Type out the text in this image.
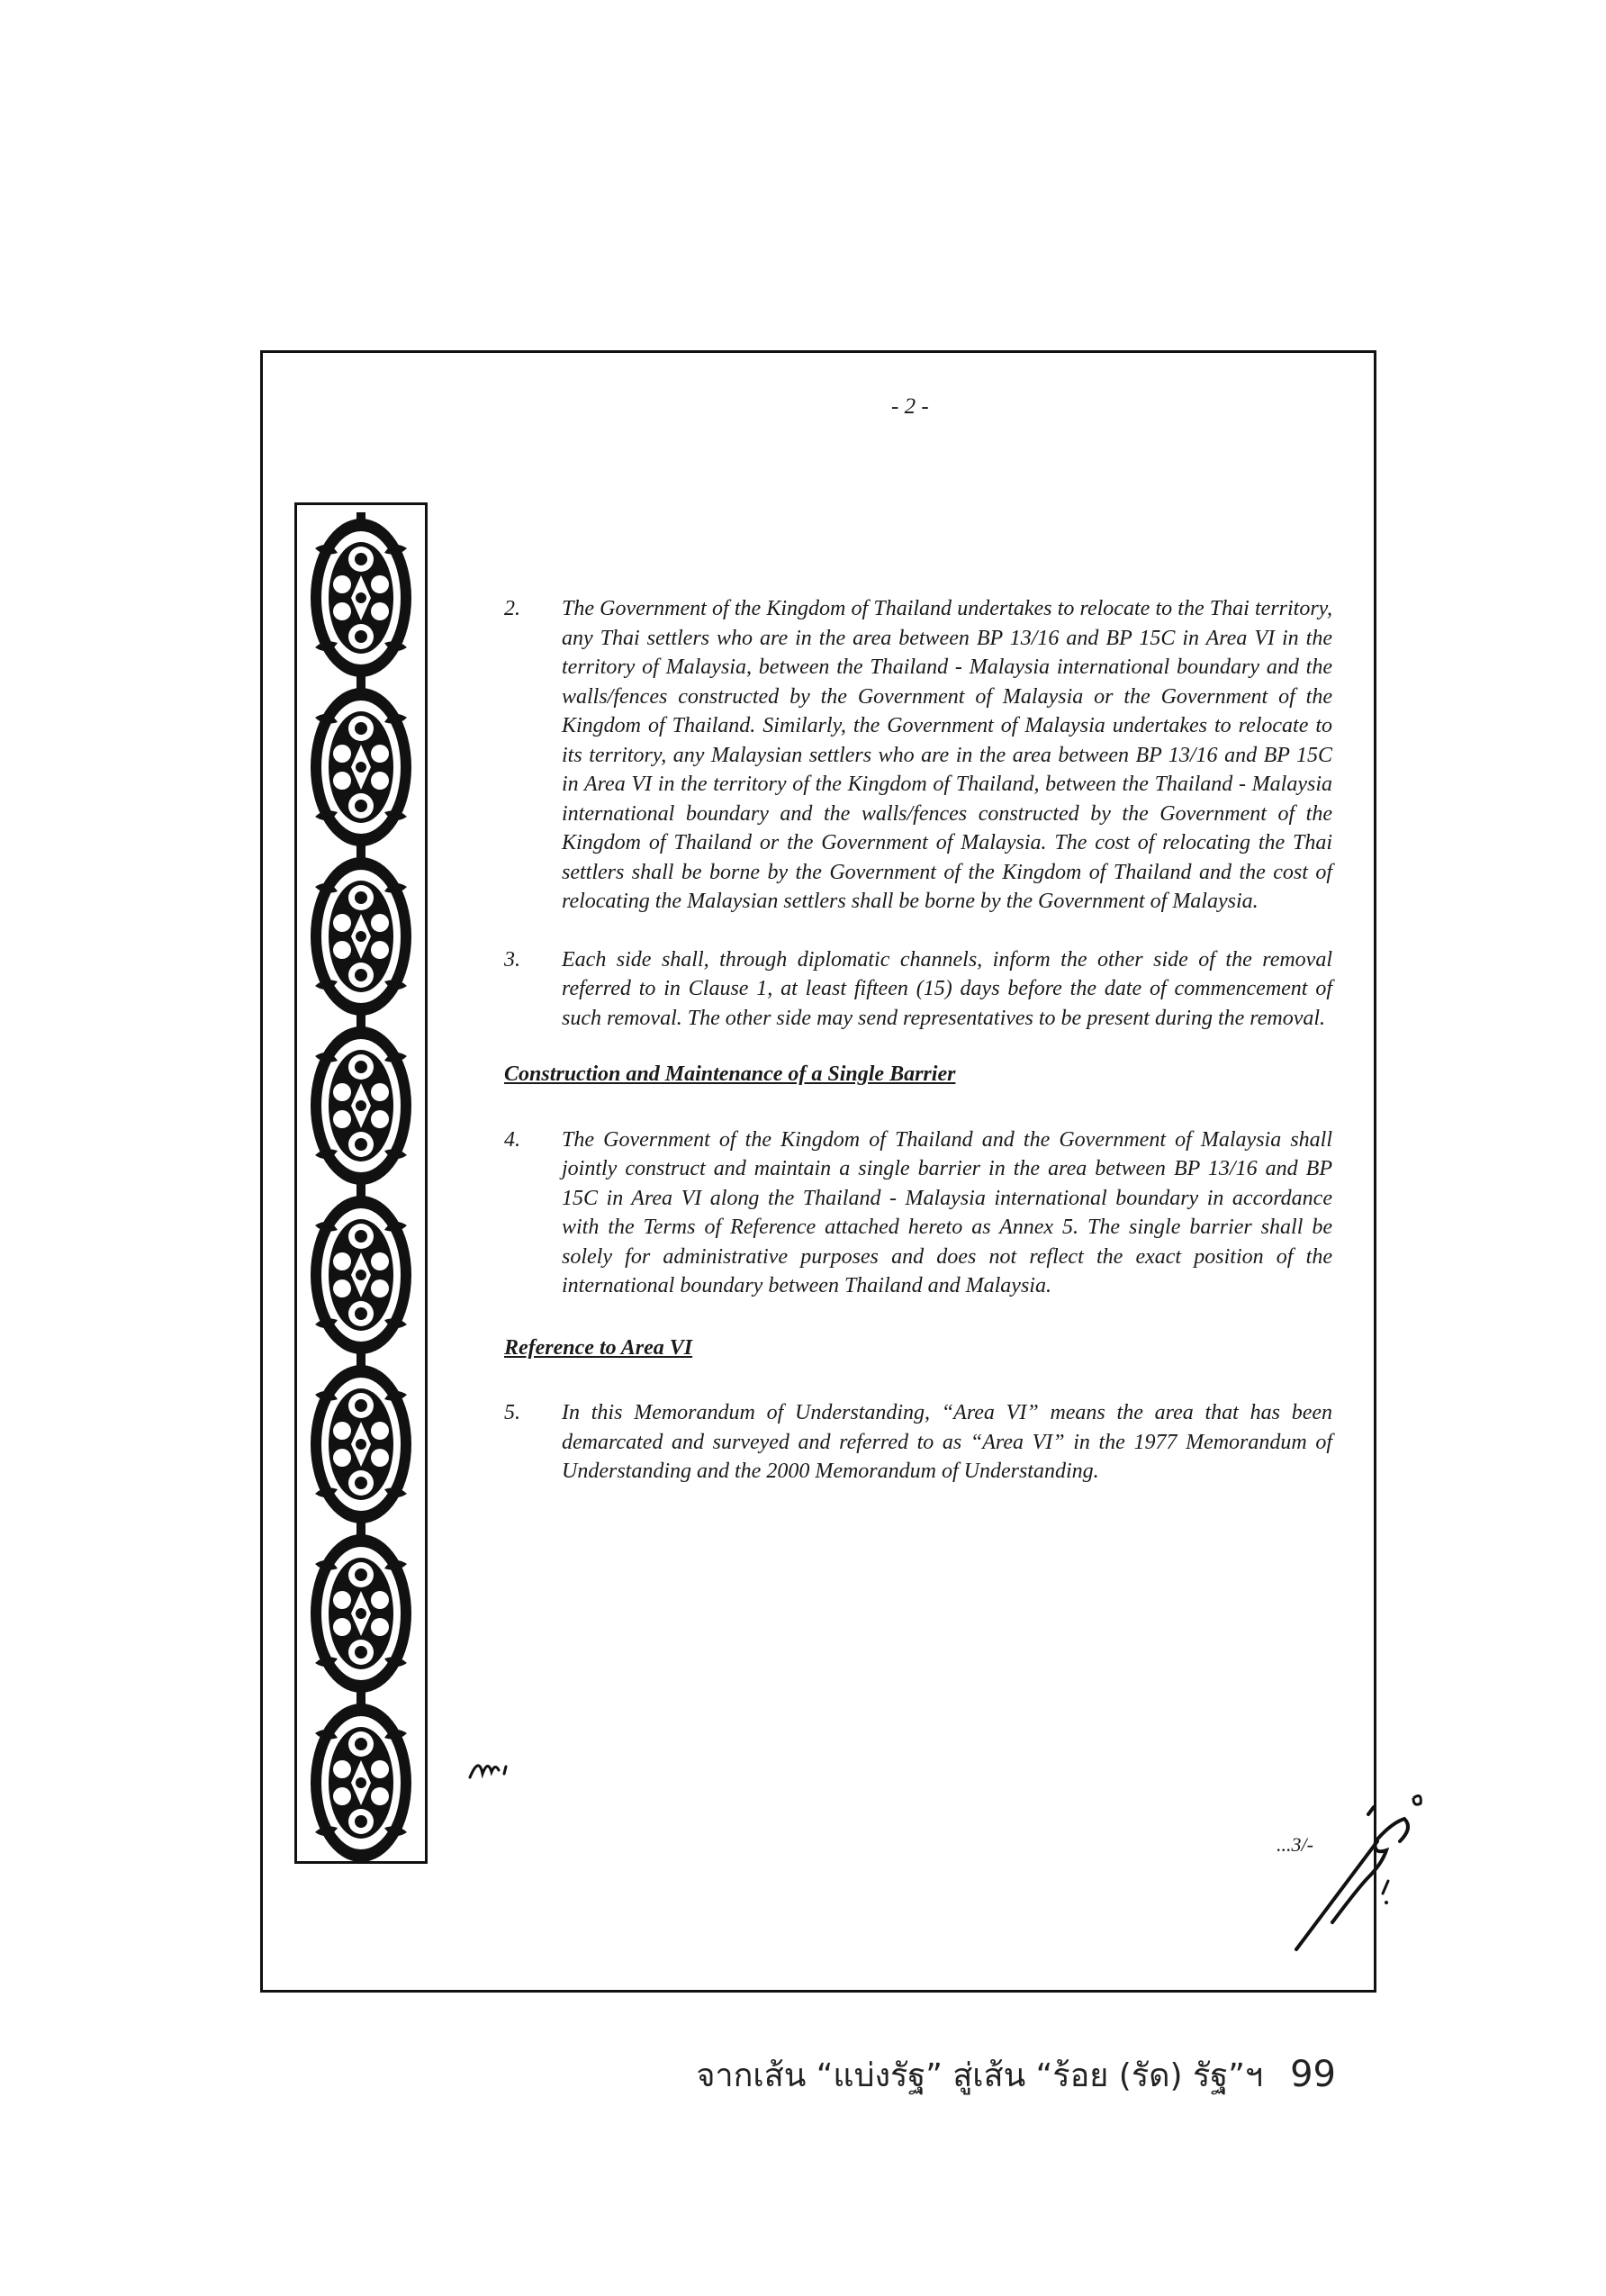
- 2 -
2.	The Government of the Kingdom of Thailand undertakes to relocate to the Thai territory, any Thai settlers who are in the area between BP 13/16 and BP 15C in Area VI in the territory of Malaysia, between the Thailand - Malaysia international boundary and the walls/fences constructed by the Government of Malaysia or the Government of the Kingdom of Thailand. Similarly, the Government of Malaysia undertakes to relocate to its territory, any Malaysian settlers who are in the area between BP 13/16 and BP 15C in Area VI in the territory of the Kingdom of Thailand, between the Thailand - Malaysia international boundary and the walls/fences constructed by the Government of the Kingdom of Thailand or the Government of Malaysia. The cost of relocating the Thai settlers shall be borne by the Government of the Kingdom of Thailand and the cost of relocating the Malaysian settlers shall be borne by the Government of Malaysia.
3.	Each side shall, through diplomatic channels, inform the other side of the removal referred to in Clause 1, at least fifteen (15) days before the date of commencement of such removal. The other side may send representatives to be present during the removal.

Construction and Maintenance of a Single Barrier

4.	The Government of the Kingdom of Thailand and the Government of Malaysia shall jointly construct and maintain a single barrier in the area between BP 13/16 and BP 15C in Area VI along the Thailand - Malaysia international boundary in accordance with the Terms of Reference attached hereto as Annex 5. The single barrier shall be solely for administrative purposes and does not reflect the exact position of the international boundary between Thailand and Malaysia.

Reference to Area VI

5.	In this Memorandum of Understanding, “Area VI” means the area that has been demarcated and surveyed and referred to as “Area VI” in the 1977 Memorandum of Understanding and the 2000 Memorandum of Understanding.
...3/-
จากเส้น “แบ่งรัฐ” สู่เส้น “ร้อย (รัด) รัฐ”ฯ 99
